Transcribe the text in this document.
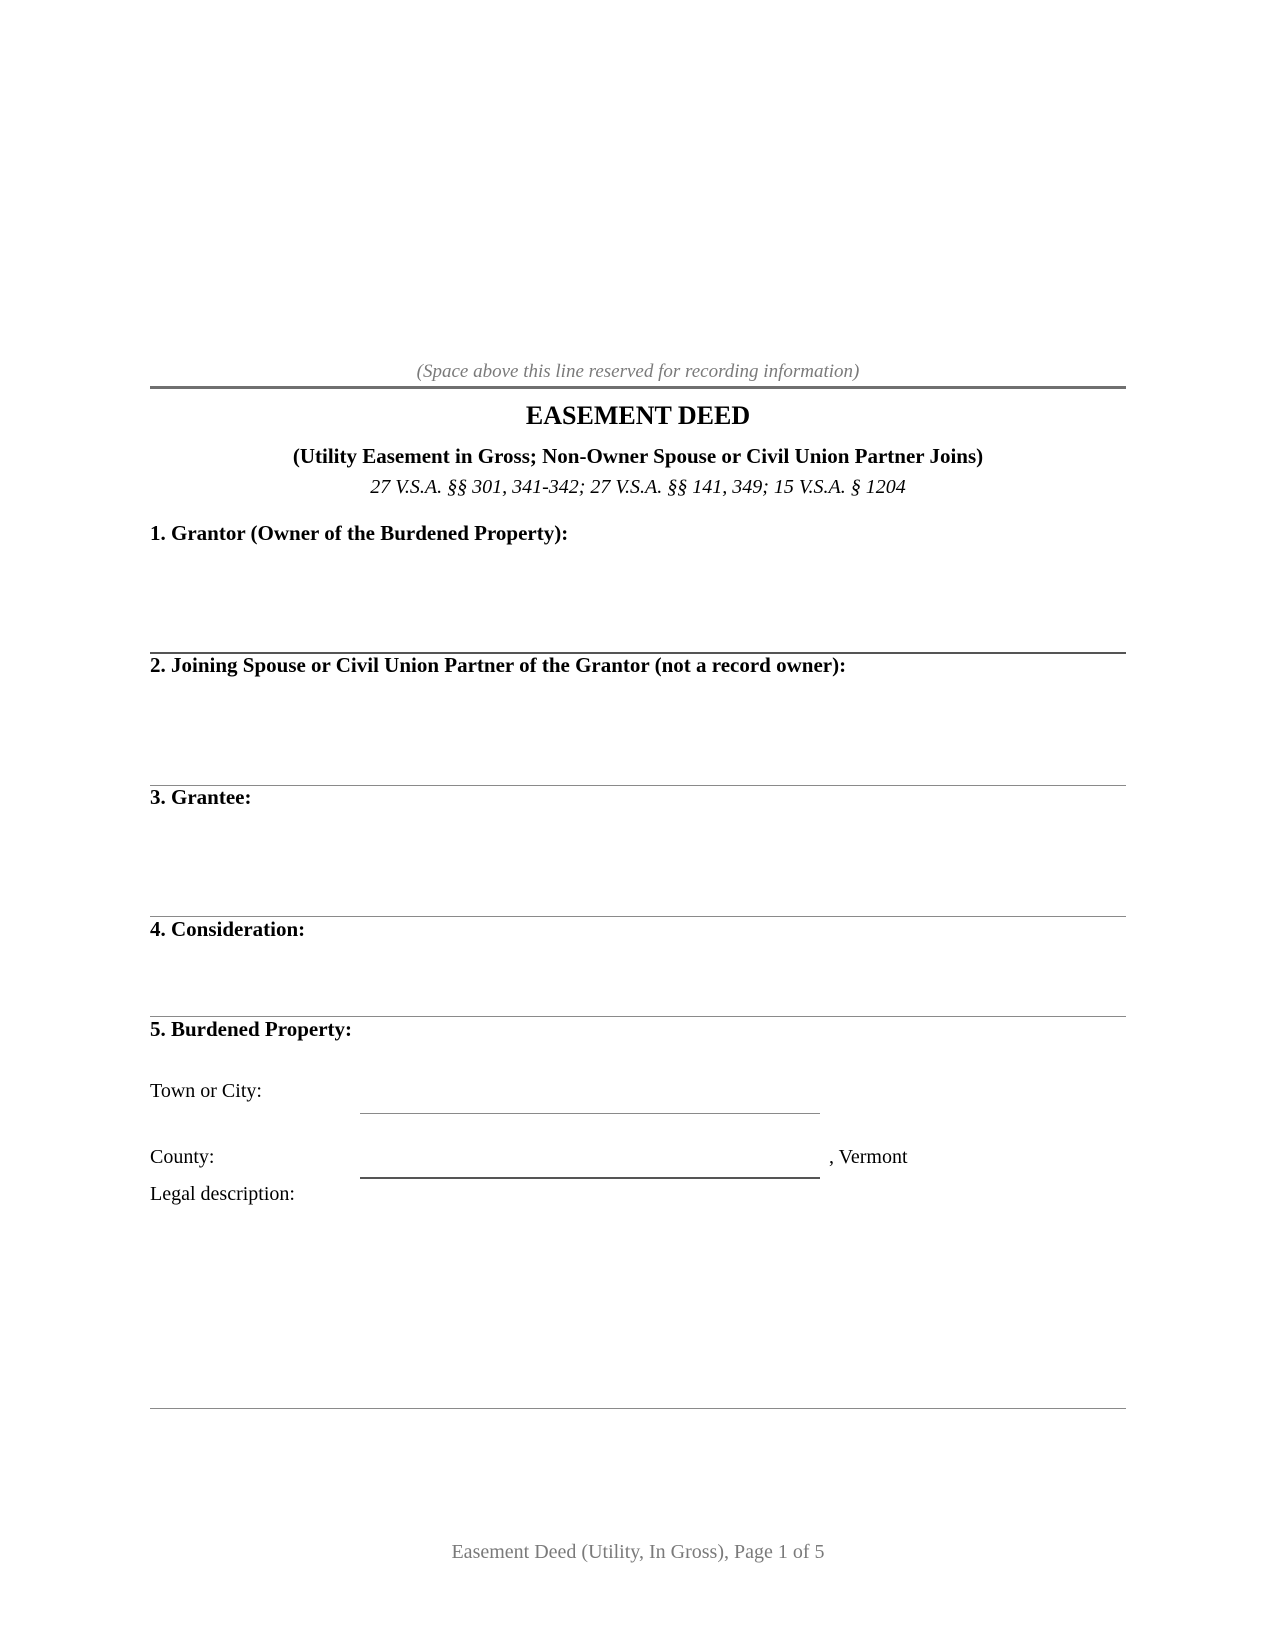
(Space above this line reserved for recording information)
EASEMENT DEED
(Utility Easement in Gross; Non-Owner Spouse or Civil Union Partner Joins)
27 V.S.A. §§ 301, 341-342; 27 V.S.A. §§ 141, 349; 15 V.S.A. § 1204
1. Grantor (Owner of the Burdened Property):
2. Joining Spouse or Civil Union Partner of the Grantor (not a record owner):
3. Grantee:
4. Consideration:
5. Burdened Property:
Town or City:
County:	, Vermont
Legal description:
Easement Deed (Utility, In Gross), Page 1 of 5
